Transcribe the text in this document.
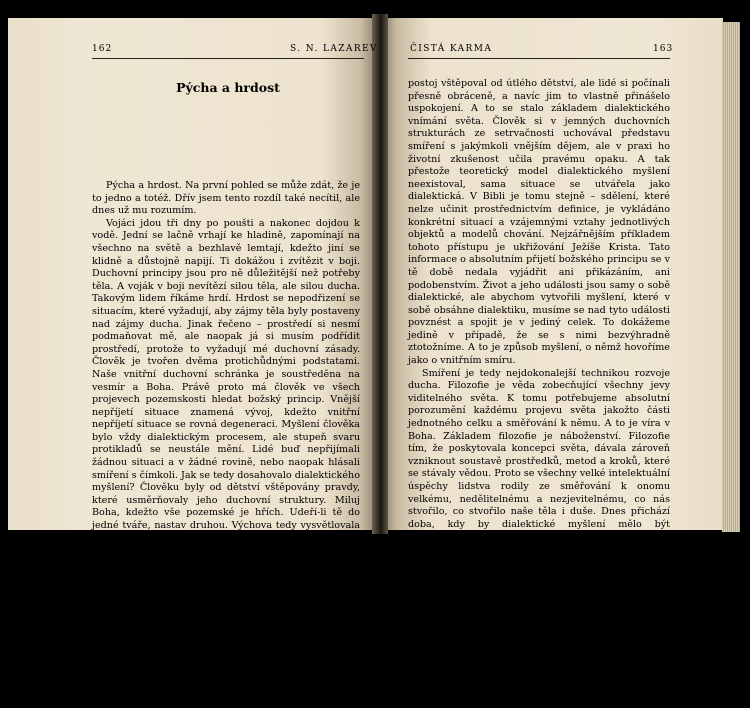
162	S. N. LAZAREV
Pýcha a hrdost

Pýcha a hrdost. Na první pohled se může zdát, že je to jedno a totéž. Dřív jsem tento rozdíl také necítil, ale dnes už mu rozumím.

Vojáci jdou tři dny po poušti a nakonec dojdou k vodě. Jední se lačně vrhají ke hladině, zapomínají na všechno na světě a bezhlavě lemtají, kdežto jiní se klidně a důstojně napijí. Ti dokážou i zvítězit v boji. Duchovní principy jsou pro ně důležitější než potřeby těla. A voják v boji nevítězí silou těla, ale silou ducha. Takovým lidem říkáme hrdí. Hrdost se nepodřizení se situacím, které vyžadují, aby zájmy těla byly postaveny nad zájmy ducha. Jinak řečeno – prostředí si nesmí podmaňovat mě, ale naopak já si musím podřídit prostředí, protože to vyžadují mé duchovní zásady. Člověk je tvořen dvěma protichůdnými podstatami. Naše vnitřní duchovní schránka je soustředěna na vesmír a Boha. Právě proto má člověk ve všech projevech pozemskosti hledat božský princip. Vnější nepříjetí situace znamená vývoj, kdežto vnitřní nepříjetí situace se rovná degeneraci. Myšlení člověka bylo vždy dialektickým procesem, ale stupeň svaru protikladů se neustále mění. Lidé buď nepřijímali žádnou situaci a v žádné rovině, nebo naopak hlásali smíření s čímkoli. Jak se tedy dosahovalo dialektického myšlení? Člověku byly od dětství vštěpovány pravdy, které usměrňovaly jeho duchovní struktury. Miluj Boha, kdežto vše pozemské je hřích. Udeří-li tě do jedné tváře, nastav druhou. Výchova tedy vysvětlovala každou situaci jako danou Bohem. Jak ale člověk dorůstal, stále jasněji chápal, že při tomto základním životním postoji se nedá něčeho dosáhnout a něco vytvořit, a rozhodl se nepřistupovat na věci tak, jak přicházejí, ale vzdorovat jim. Vznikla tak velmi zvláštní situace. Náboženství vedlo k pokoře i poslušnosti a každému se tento

ČISTÁ KARMA	163

postoj vštěpoval od útlého dětství, ale lidé si počínali přesně obráceně, a navíc jim to vlastně přinášelo uspokojení. A to se stalo základem dialektického vnímání světa. Člověk si v jemných duchovních strukturách ze setrvačnosti uchovával představu smíření s jakýmkoli vnějším dějem, ale v praxi ho životní zkušenost učila pravému opaku. A tak přestože teoretický model dialektického myšlení neexistoval, sama situace se utvářela jako dialektická. V Bibli je tomu stejně – sdělení, které nelze učinit prostřednictvím definice, je vykládáno konkrétní situací a vzájemnými vztahy jednotlivých objektů a modelů chování. Nejzářnějším příkladem tohoto přístupu je ukřižování Ježíše Krista. Tato informace o absolutním přijetí božského principu se v tě době nedala vyjádřit ani přikázáním, ani podobenstvím. Život a jeho události jsou samy o sobě dialektické, ale abychom vytvořili myšlení, které v sobě obsáhne dialektiku, musíme se nad tyto události povznést a spojit je v jediný celek. To dokážeme jedině v případě, že se s nimi bezvýhradně ztotožníme. A to je způsob myšlení, o němž hovoříme jako o vnitřním smíru.

Smíření je tedy nejdokonalejší technikou rozvoje ducha. Filozofie je věda zobecňující všechny jevy viditelného světa. K tomu potřebujeme absolutní porozumění každému projevu světa jakožto části jednotného celku a směřování k němu. A to je víra v Boha. Základem filozofie je náboženství. Filozofie tím, že poskytovala koncepci světa, dávala zároveň vzniknout soustavě prostředků, metod a kroků, které se stávaly vědou. Proto se všechny velké intelektuální úspěchy lidstva rodily ze směřování k onomu velkému, nedělitelnému a nezjevitelnému, co nás stvořilo, co stvořilo naše těla i duše. Dnes přichází doba, kdy by dialektické myšlení mělo být korunováno dialektickým myšlením, zdroj dalšího vývoje by se měl přestěhovat do našeho nitra. Když mě život podněcuje k rozvoji, je to dialektická situace. Když však já sám něco pochopím a jdu diky tomu dál, je to výraz dialektického myšlení.

Náboženství člověku již od dětství dávalo pocit kontaktu s Bohem skrze pokoru. Hlavní autoritou tu byla víra v nepřekročitelnost duchovních postulátů. Víra se obrací přímo k lidské duši a vědomí pomíjí. Jenže pravé vědomí v posledních několika staletích natolik vyspělo, že dnes je výchova mladého člověka bez orientace na vědomí jednoduše nemožná. To znamená, že přiměřitě za pomoci víry k pokoře je nemyslitelné. Z toho plyne, že
